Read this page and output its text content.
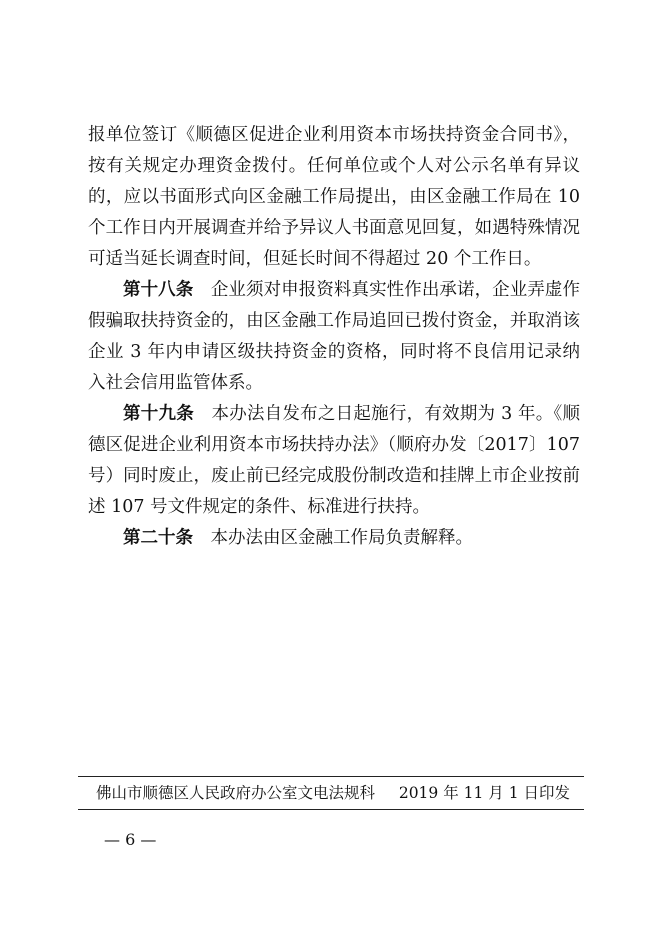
报单位签订《顺德区促进企业利用资本市场扶持资金合同书》，按有关规定办理资金拨付。任何单位或个人对公示名单有异议的，应以书面形式向区金融工作局提出，由区金融工作局在 10 个工作日内开展调查并给予异议人书面意见回复，如遇特殊情况可适当延长调查时间，但延长时间不得超过 20 个工作日。

第十八条 企业须对申报资料真实性作出承诺，企业弄虚作假骗取扶持资金的，由区金融工作局追回已拨付资金，并取消该企业 3 年内申请区级扶持资金的资格，同时将不良信用记录纳入社会信用监管体系。

第十九条 本办法自发布之日起施行，有效期为 3 年。《顺德区促进企业利用资本市场扶持办法》（顺府办发〔2017〕107 号）同时废止，废止前已经完成股份制改造和挂牌上市企业按前述 107 号文件规定的条件、标准进行扶持。

第二十条 本办法由区金融工作局负责解释。

佛山市顺德区人民政府办公室文电法规科 2019 年 11 月 1 日印发
— 6 —
